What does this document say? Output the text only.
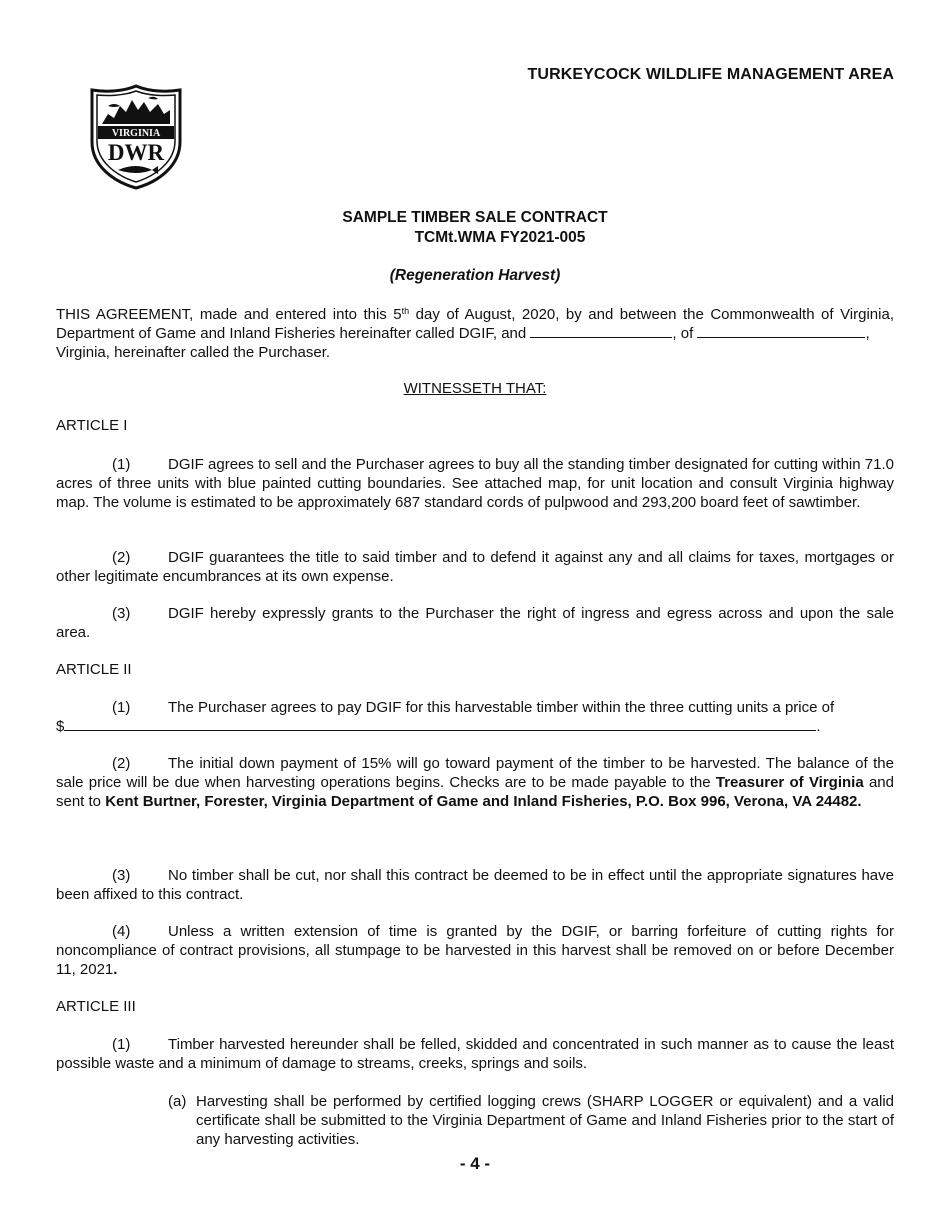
TURKEYCOCK WILDLIFE MANAGEMENT AREA
VIRGINIA
DWR
SAMPLE TIMBER SALE CONTRACT
TCMt.WMA FY2021-005
(Regeneration Harvest)
THIS AGREEMENT, made and entered into this 5th day of August, 2020, by and between the Commonwealth of Virginia, Department of Game and Inland Fisheries hereinafter called DGIF, and	, of	,
Virginia, hereinafter called the Purchaser.
WITNESSETH THAT:
ARTICLE I
(1)	DGIF agrees to sell and the Purchaser agrees to buy all the standing timber designated for cutting within 71.0 acres of three units with blue painted cutting boundaries. See attached map, for unit location and consult Virginia highway map. The volume is estimated to be approximately 687 standard cords of pulpwood and 293,200 board feet of sawtimber.
(2)	DGIF guarantees the title to said timber and to defend it against any and all claims for taxes, mortgages or other legitimate encumbrances at its own expense.
(3)	DGIF hereby expressly grants to the Purchaser the right of ingress and egress across and upon the sale area.
ARTICLE II
(1)	The Purchaser agrees to pay DGIF for this harvestable timber within the three cutting units a price of
$	.
(2)	The initial down payment of 15% will go toward payment of the timber to be harvested. The balance of the sale price will be due when harvesting operations begins. Checks are to be made payable to the Treasurer of Virginia and sent to Kent Burtner, Forester, Virginia Department of Game and Inland Fisheries, P.O. Box 996, Verona, VA 24482.
(3)	No timber shall be cut, nor shall this contract be deemed to be in effect until the appropriate signatures have been affixed to this contract.
(4)	Unless a written extension of time is granted by the DGIF, or barring forfeiture of cutting rights for noncompliance of contract provisions, all stumpage to be harvested in this harvest shall be removed on or before December 11, 2021.
ARTICLE III
(1)	Timber harvested hereunder shall be felled, skidded and concentrated in such manner as to cause the least possible waste and a minimum of damage to streams, creeks, springs and soils.
(a) Harvesting shall be performed by certified logging crews (SHARP LOGGER or equivalent) and a valid certificate shall be submitted to the Virginia Department of Game and Inland Fisheries prior to the start of any harvesting activities.
- 4 -
